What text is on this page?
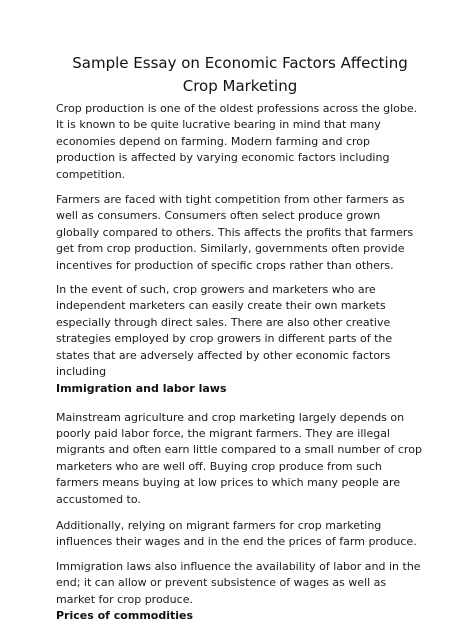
Sample Essay on Economic Factors Affecting Crop Marketing

Crop production is one of the oldest professions across the globe. It is known to be quite lucrative bearing in mind that many economies depend on farming. Modern farming and crop production is affected by varying economic factors including competition.

Farmers are faced with tight competition from other farmers as well as consumers. Consumers often select produce grown globally compared to others. This affects the profits that farmers get from crop production. Similarly, governments often provide incentives for production of specific crops rather than others.

In the event of such, crop growers and marketers who are independent marketers can easily create their own markets especially through direct sales. There are also other creative strategies employed by crop growers in different parts of the states that are adversely affected by other economic factors including

Immigration and labor laws

Mainstream agriculture and crop marketing largely depends on poorly paid labor force, the migrant farmers. They are illegal migrants and often earn little compared to a small number of crop marketers who are well off. Buying crop produce from such farmers means buying at low prices to which many people are accustomed to.

Additionally, relying on migrant farmers for crop marketing influences their wages and in the end the prices of farm produce.

Immigration laws also influence the availability of labor and in the end; it can allow or prevent subsistence of wages as well as market for crop produce.

Prices of commodities
